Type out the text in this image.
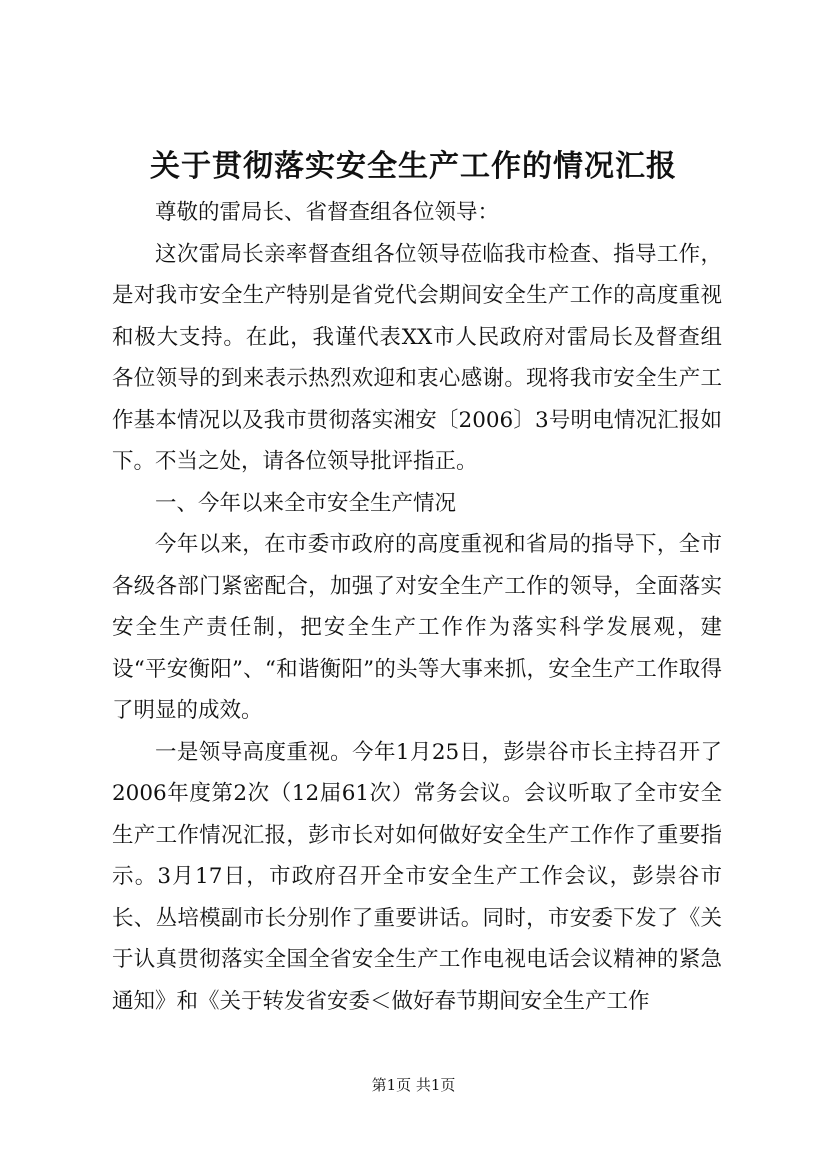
关于贯彻落实安全生产工作的情况汇报

尊敬的雷局长、省督查组各位领导：

这次雷局长亲率督查组各位领导莅临我市检查、指导工作，是对我市安全生产特别是省党代会期间安全生产工作的高度重视和极大支持。在此，我谨代表XX市人民政府对雷局长及督查组各位领导的到来表示热烈欢迎和衷心感谢。现将我市安全生产工作基本情况以及我市贯彻落实湘安〔2006〕3号明电情况汇报如下。不当之处，请各位领导批评指正。

一、今年以来全市安全生产情况

今年以来，在市委市政府的高度重视和省局的指导下，全市各级各部门紧密配合，加强了对安全生产工作的领导，全面落实安全生产责任制，把安全生产工作作为落实科学发展观，建设“平安衡阳”、“和谐衡阳”的头等大事来抓，安全生产工作取得了明显的成效。

一是领导高度重视。今年1月25日，彭崇谷市长主持召开了2006年度第2次（12届61次）常务会议。会议听取了全市安全生产工作情况汇报，彭市长对如何做好安全生产工作作了重要指示。3月17日，市政府召开全市安全生产工作会议，彭崇谷市长、丛培模副市长分别作了重要讲话。同时，市安委下发了《关于认真贯彻落实全国全省安全生产工作电视电话会议精神的紧急通知》和《关于转发省安委＜做好春节期间安全生产工作

第1页 共1页
